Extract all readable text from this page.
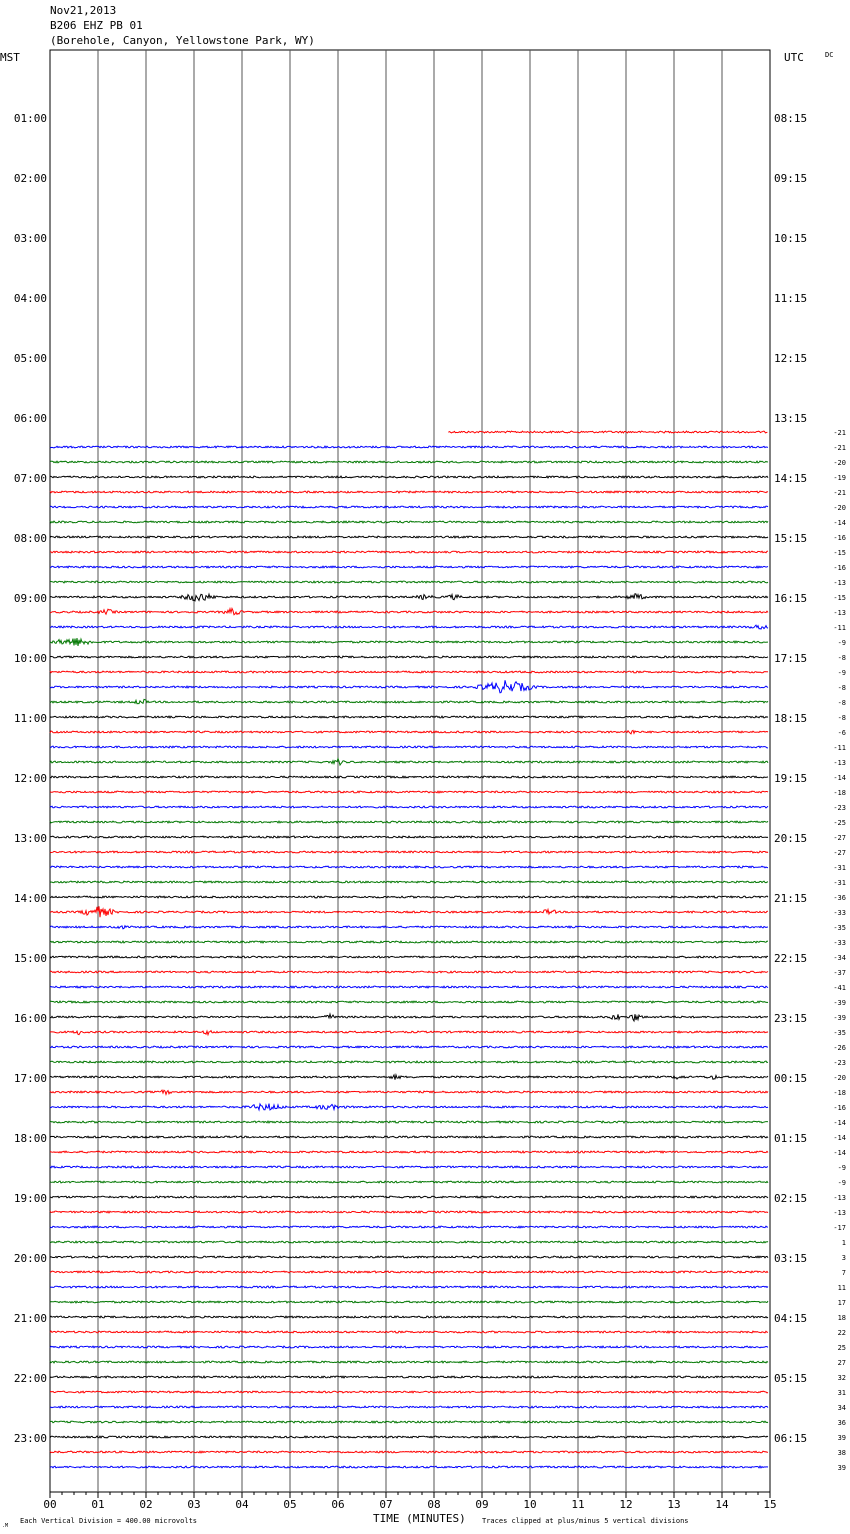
Nov21,2013
B206 EHZ PB 01
(Borehole, Canyon, Yellowstone Park, WY)
MST	UTC	DC
TIME (MINUTES)
Each Vertical Division = 400.00 microvolts	Traces clipped at plus/minus 5 vertical divisions
.M
00	01	02	03	04	05	06	07	08	09	10	11	12	13	14	15
01:00
02:00
03:00
04:00
05:00
06:00
07:00
08:00
09:00
10:00
11:00
12:00
13:00
14:00
15:00
16:00
17:00
18:00
19:00
20:00
21:00
22:00
23:00
08:15
09:15
10:15
11:15
12:15
13:15
14:15
15:15
16:15
17:15
18:15
19:15
20:15
21:15
22:15
23:15
00:15
01:15
02:15
03:15
04:15
05:15
06:15
-21
-21
-20
-19
-21
-20
-14
-16
-15
-16
-13
-15
-13
-11
-9
-8
-9
-8
-8
-8
-6
-11
-13
-14
-18
-23
-25
-27
-27
-31
-31
-36
-33
-35
-33
-34
-37
-41
-39
-39
-35
-26
-23
-20
-18
-16
-14
-14
-14
-9
-9
-13
-13
-17
1
3
7
11
17
18
22
25
27
32
31
34
36
39
38
39
